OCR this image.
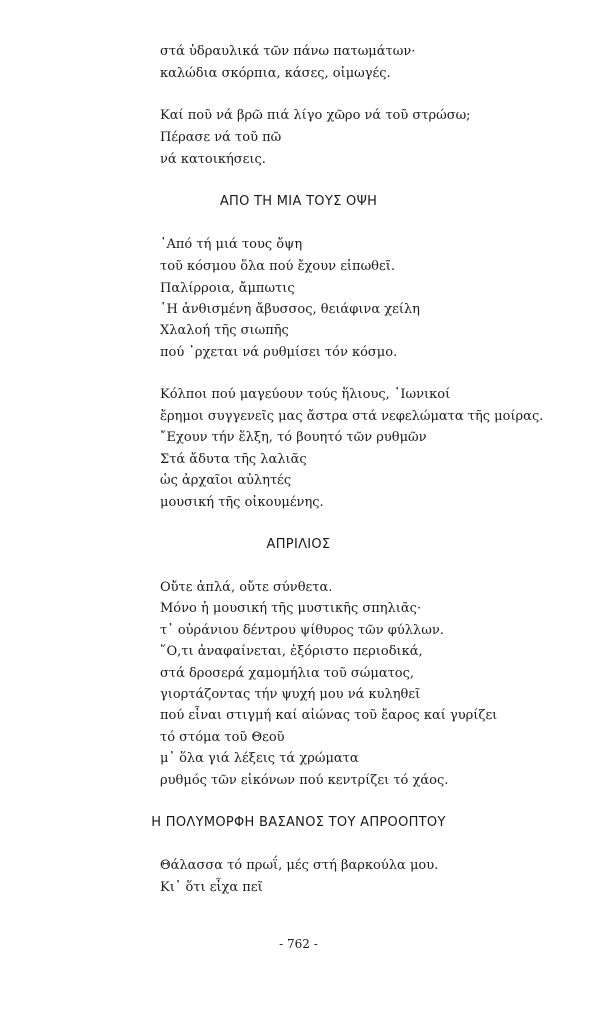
στά ὑδραυλικά τῶν πάνω πατωμάτων·
καλώδια σκόρπια, κάσες, οἰμωγές.
Καί ποῦ νά βρῶ πιά λίγο χῶρο νά τοῦ στρώσω;
Πέρασε νά τοῦ πῶ
νά κατοικήσεις.
ΑΠΟ ΤΗ ΜΙΑ ΤΟΥΣ ΟΨΗ
᾿Από τή μιά τους ὄψη
τοῦ κόσμου ὅλα πού ἔχουν εἰπωθεῖ.
Παλίρροια, ἄμπωτις
῾Η ἀνθισμένη ἄβυσσος, θειάφινα χείλη
Χλαλοή τῆς σιωπῆς
πού ᾿ρχεται νά ρυθμίσει τόν κόσμο.
Κόλποι πού μαγεύουν τούς ἥλιους, ᾿Ιωνικοί
ἔρημοι συγγενεῖς μας ἄστρα στά νεφελώματα τῆς μοίρας.
῎Εχουν τήν ἕλξη, τό βουητό τῶν ρυθμῶν
Στά ἄδυτα τῆς λαλιᾶς
ὡς ἀρχαῖοι αὐλητές
μουσική τῆς οἰκουμένης.
ΑΠΡΙΛΙΟΣ
Οὔτε ἁπλά, οὔτε σύνθετα.
Μόνο ἡ μουσική τῆς μυστικῆς σπηλιᾶς·
τ᾿ οὐράνιου δέντρου ψίθυρος τῶν φύλλων.
῞Ο,τι ἀναφαίνεται, ἐξόριστο περιοδικά,
στά δροσερά χαμομήλια τοῦ σώματος,
γιορτάζοντας τήν ψυχή μου νά κυληθεῖ
πού εἶναι στιγμή καί αἰώνας τοῦ ἔαρος καί γυρίζει
τό στόμα τοῦ Θεοῦ
μ᾿ ὅλα γιά λέξεις τά χρώματα
ρυθμός τῶν εἰκόνων πού κεντρίζει τό χάος.
Η ΠΟΛΥΜΟΡΦΗ ΒΑΣΑΝΟΣ ΤΟΥ ΑΠΡΟΟΠΤΟΥ
Θάλασσα τό πρωΐ, μές στή βαρκούλα μου.
Κι᾿ ὅτι εἶχα πεῖ
- 762 -
